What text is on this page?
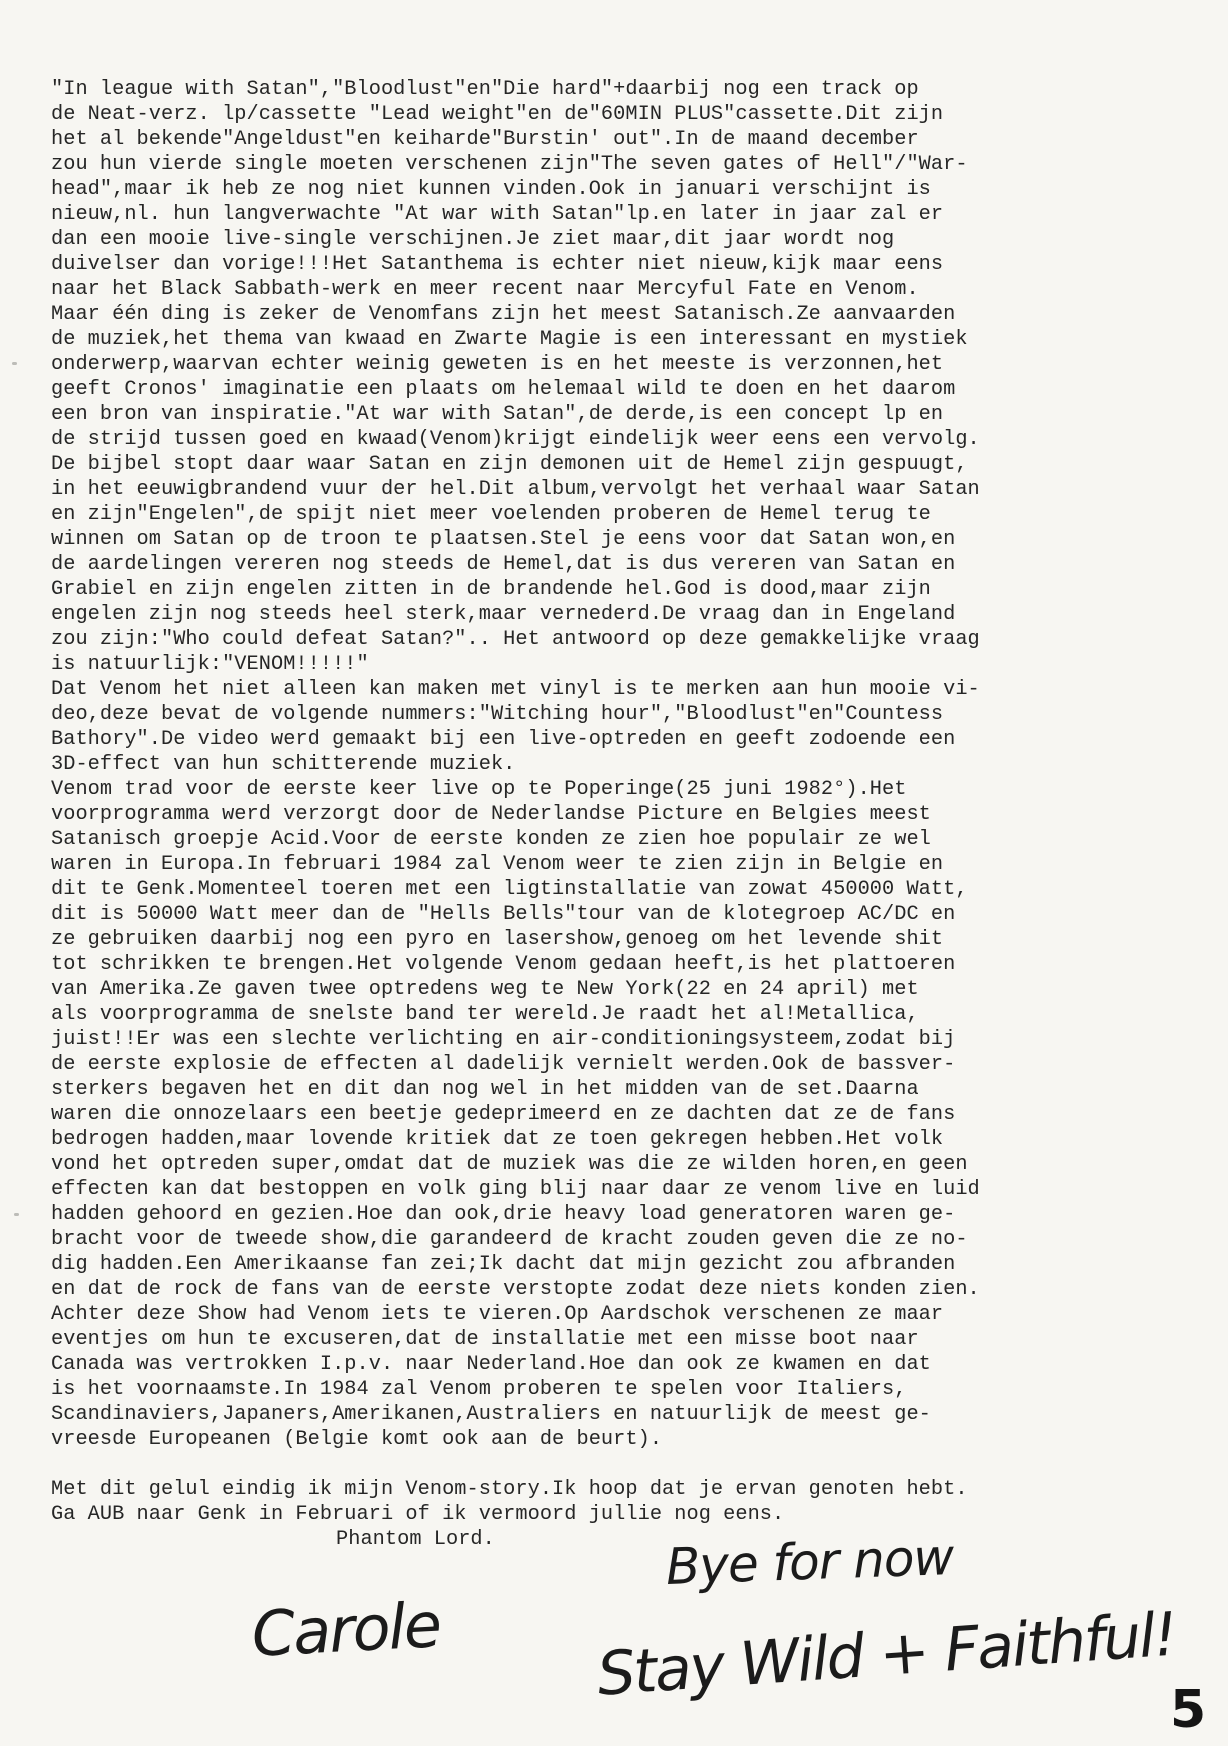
"In league with Satan","Bloodlust"en"Die hard"+daarbij nog een track op

de Neat-verz. lp/cassette "Lead weight"en de"60MIN PLUS"cassette.Dit zijn

het al bekende"Angeldust"en keiharde"Burstin' out".In de maand december

zou hun vierde single moeten verschenen zijn"The seven gates of Hell"/"War-

head",maar ik heb ze nog niet kunnen vinden.Ook in januari verschijnt is

nieuw,nl. hun langverwachte "At war with Satan"lp.en later in jaar zal er

dan een mooie live-single verschijnen.Je ziet maar,dit jaar wordt nog

duivelser dan vorige!!!Het Satanthema is echter niet nieuw,kijk maar eens

naar het Black Sabbath-werk en meer recent naar Mercyful Fate en Venom.

Maar één ding is zeker de Venomfans zijn het meest Satanisch.Ze aanvaarden

de muziek,het thema van kwaad en Zwarte Magie is een interessant en mystiek

onderwerp,waarvan echter weinig geweten is en het meeste is verzonnen,het

geeft Cronos' imaginatie een plaats om helemaal wild te doen en het daarom

een bron van inspiratie."At war with Satan",de derde,is een concept lp en

de strijd tussen goed en kwaad(Venom)krijgt eindelijk weer eens een vervolg.

De bijbel stopt daar waar Satan en zijn demonen uit de Hemel zijn gespuugt,

in het eeuwigbrandend vuur der hel.Dit album,vervolgt het verhaal waar Satan

en zijn"Engelen",de spijt niet meer voelenden proberen de Hemel terug te

winnen om Satan op de troon te plaatsen.Stel je eens voor dat Satan won,en

de aardelingen vereren nog steeds de Hemel,dat is dus vereren van Satan en

Grabiel en zijn engelen zitten in de brandende hel.God is dood,maar zijn

engelen zijn nog steeds heel sterk,maar vernederd.De vraag dan in Engeland

zou zijn:"Who could defeat Satan?".. Het antwoord op deze gemakkelijke vraag

is natuurlijk:"VENOM!!!!!"

Dat Venom het niet alleen kan maken met vinyl is te merken aan hun mooie vi-

deo,deze bevat de volgende nummers:"Witching hour","Bloodlust"en"Countess

Bathory".De video werd gemaakt bij een live-optreden en geeft zodoende een

3D-effect van hun schitterende muziek.

Venom trad voor de eerste keer live op te Poperinge(25 juni 1982°).Het

voorprogramma werd verzorgt door de Nederlandse Picture en Belgies meest

Satanisch groepje Acid.Voor de eerste konden ze zien hoe populair ze wel

waren in Europa.In februari 1984 zal Venom weer te zien zijn in Belgie en

dit te Genk.Momenteel toeren met een ligtinstallatie van zowat 450000 Watt,

dit is 50000 Watt meer dan de "Hells Bells"tour van de klotegroep AC/DC en

ze gebruiken daarbij nog een pyro en lasershow,genoeg om het levende shit

tot schrikken te brengen.Het volgende Venom gedaan heeft,is het plattoeren

van Amerika.Ze gaven twee optredens weg te New York(22 en 24 april) met

als voorprogramma de snelste band ter wereld.Je raadt het al!Metallica,

juist!!Er was een slechte verlichting en air-conditioningsysteem,zodat bij

de eerste explosie de effecten al dadelijk vernielt werden.Ook de bassver-

sterkers begaven het en dit dan nog wel in het midden van de set.Daarna

waren die onnozelaars een beetje gedeprimeerd en ze dachten dat ze de fans

bedrogen hadden,maar lovende kritiek dat ze toen gekregen hebben.Het volk

vond het optreden super,omdat dat de muziek was die ze wilden horen,en geen

effecten kan dat bestoppen en volk ging blij naar daar ze venom live en luid

hadden gehoord en gezien.Hoe dan ook,drie heavy load generatoren waren ge-

bracht voor de tweede show,die garandeerd de kracht zouden geven die ze no-

dig hadden.Een Amerikaanse fan zei;Ik dacht dat mijn gezicht zou afbranden

en dat de rock de fans van de eerste verstopte zodat deze niets konden zien.

Achter deze Show had Venom iets te vieren.Op Aardschok verschenen ze maar

eventjes om hun te excuseren,dat de installatie met een misse boot naar

Canada was vertrokken I.p.v. naar Nederland.Hoe dan ook ze kwamen en dat

is het voornaamste.In 1984 zal Venom proberen te spelen voor Italiers,

Scandinaviers,Japaners,Amerikanen,Australiers en natuurlijk de meest ge-

vreesde Europeanen (Belgie komt ook aan de beurt).

Met dit gelul eindig ik mijn Venom-story.Ik hoop dat je ervan genoten hebt.

Ga AUB naar Genk in Februari of ik vermoord jullie nog eens.

Phantom Lord.	Bye for now
Carole	Stay Wild + Faithful!
5
